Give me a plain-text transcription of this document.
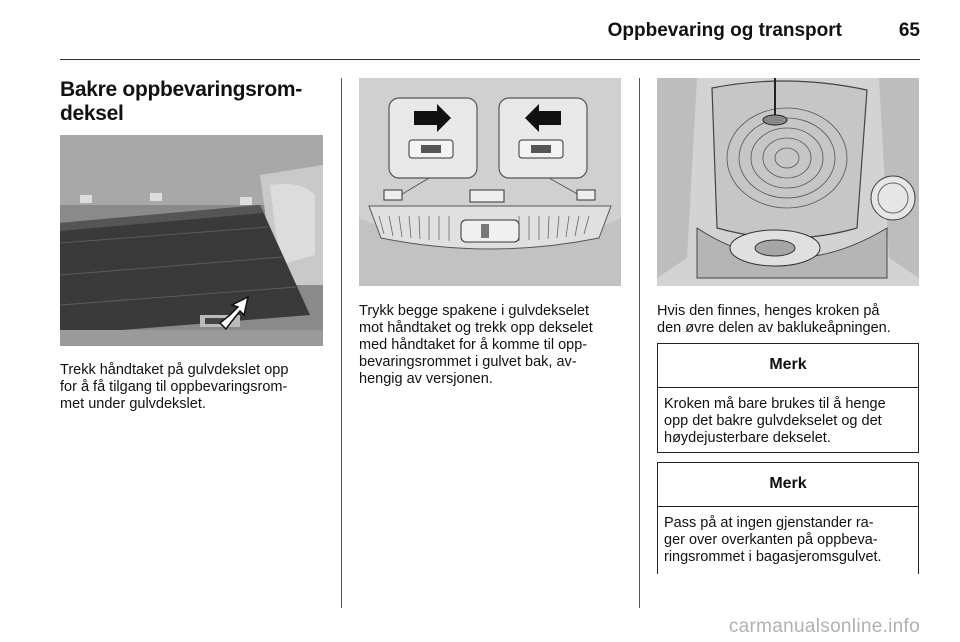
Oppbevaring og transport	65
Bakre oppbevaringsrom-
deksel
Trekk håndtaket på gulvdekslet opp
for å få tilgang til oppbevaringsrom-
met under gulvdekslet.
Trykk begge spakene i gulvdekselet
mot håndtaket og trekk opp dekselet
med håndtaket for å komme til opp-
bevaringsrommet i gulvet bak, av-
hengig av versjonen.
Hvis den finnes, henges kroken på
den øvre delen av baklukeåpningen.
Merk
Kroken må bare brukes til å henge
opp det bakre gulvdekselet og det
høydejusterbare dekselet.
Merk
Pass på at ingen gjenstander ra-
ger over overkanten på oppbeva-
ringsrommet i bagasjeromsgulvet.
carmanualsonline.info
